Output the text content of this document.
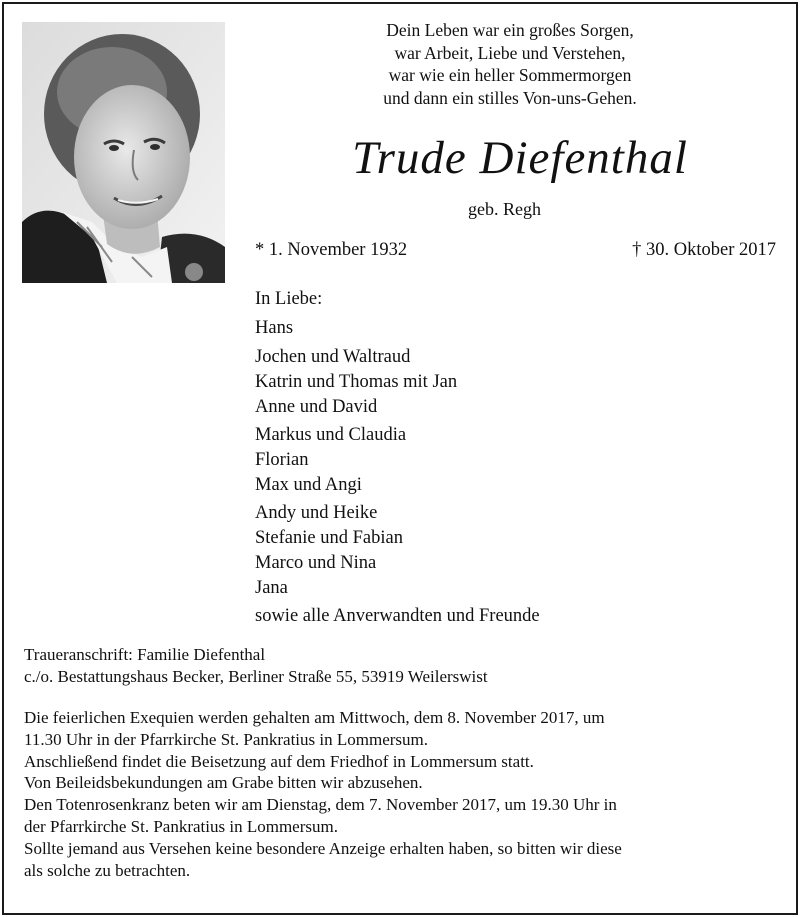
Dein Leben war ein großes Sorgen,
war Arbeit, Liebe und Verstehen,
war wie ein heller Sommermorgen
und dann ein stilles Von-uns-Gehen.
Trude Diefenthal
geb. Regh
* 1. November 1932	† 30. Oktober 2017
In Liebe:
Hans
Jochen und Waltraud
Katrin und Thomas mit Jan
Anne und David
Markus und Claudia
Florian
Max und Angi
Andy und Heike
Stefanie und Fabian
Marco und Nina
Jana
sowie alle Anverwandten und Freunde
Traueranschrift: Familie Diefenthal
c./o. Bestattungshaus Becker, Berliner Straße 55, 53919 Weilerswist
Die feierlichen Exequien werden gehalten am Mittwoch, dem 8. November 2017, um
11.30 Uhr in der Pfarrkirche St. Pankratius in Lommersum.
Anschließend findet die Beisetzung auf dem Friedhof in Lommersum statt.
Von Beileidsbekundungen am Grabe bitten wir abzusehen.
Den Totenrosenkranz beten wir am Dienstag, dem 7. November 2017, um 19.30 Uhr in
der Pfarrkirche St. Pankratius in Lommersum.
Sollte jemand aus Versehen keine besondere Anzeige erhalten haben, so bitten wir diese
als solche zu betrachten.
